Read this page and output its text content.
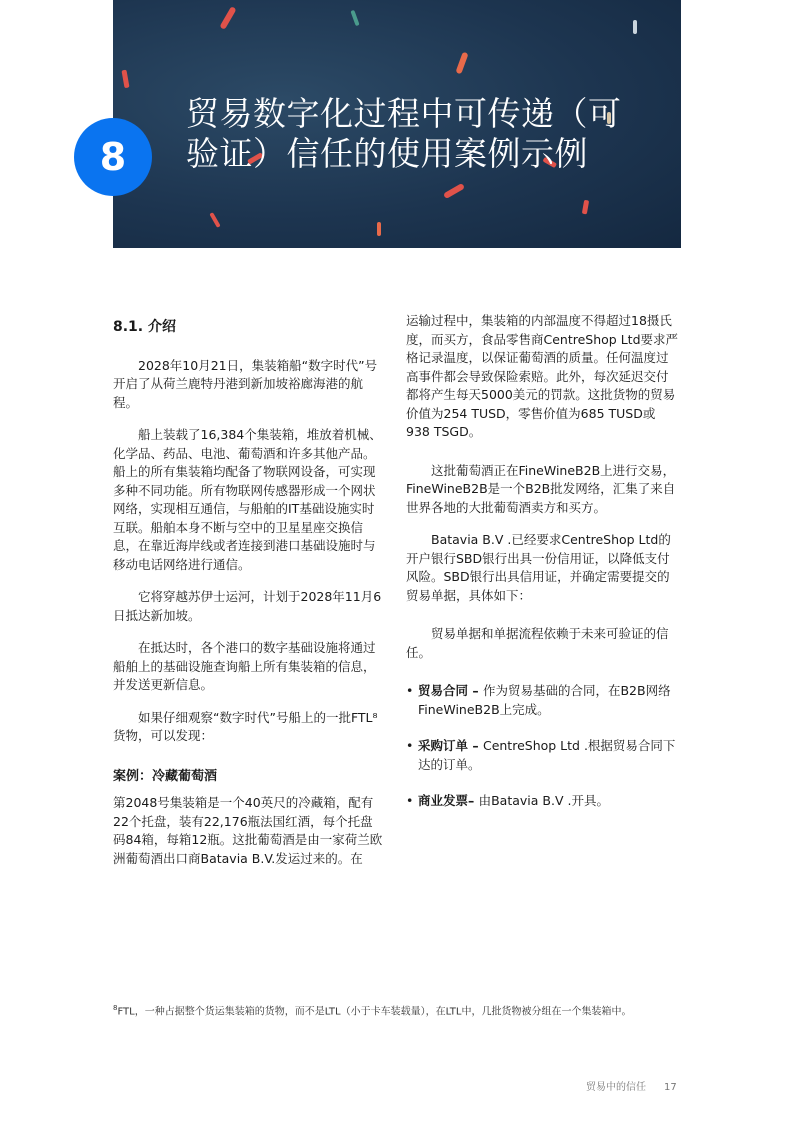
贸易数字化过程中可传递（可验证）信任的使用案例示例
8
8.1. 介绍

2028年10月21日，集装箱船“数字时代”号开启了从荷兰鹿特丹港到新加坡裕廊海港的航程。

船上装载了16,384个集装箱，堆放着机械、化学品、药品、电池、葡萄酒和许多其他产品。船上的所有集装箱均配备了物联网设备，可实现多种不同功能。所有物联网传感器形成一个网状网络，实现相互通信，与船舶的IT基础设施实时互联。船舶本身不断与空中的卫星星座交换信息，在靠近海岸线或者连接到港口基础设施时与移动电话网络进行通信。

它将穿越苏伊士运河，计划于2028年11月6日抵达新加坡。

在抵达时，各个港口的数字基础设施将通过船舶上的基础设施查询船上所有集装箱的信息，并发送更新信息。

如果仔细观察“数字时代”号船上的一批FTL⁸货物，可以发现：

案例：冷藏葡萄酒

第2048号集装箱是一个40英尺的冷藏箱，配有22个托盘，装有22,176瓶法国红酒，每个托盘码84箱，每箱12瓶。这批葡萄酒是由一家荷兰欧洲葡萄酒出口商Batavia B.V.发运过来的。在

运输过程中，集装箱的内部温度不得超过18摄氏度，而买方，食品零售商CentreShop Ltd要求严格记录温度，以保证葡萄酒的质量。任何温度过高事件都会导致保险索赔。此外，每次延迟交付都将产生每天5000美元的罚款。这批货物的贸易价值为254 TUSD，零售价值为685 TUSD或938 TSGD。

这批葡萄酒正在FineWineB2B上进行交易，FineWineB2B是一个B2B批发网络，汇集了来自世界各地的大批葡萄酒卖方和买方。

Batavia B.V .已经要求CentreShop Ltd的开户银行SBD银行出具一份信用证，以降低支付风险。SBD银行出具信用证，并确定需要提交的贸易单据，具体如下：

贸易单据和单据流程依赖于未来可验证的信任。

• 贸易合同 – 作为贸易基础的合同，在B2B网络FineWineB2B上完成。
• 采购订单 – CentreShop Ltd .根据贸易合同下达的订单。
• 商业发票– 由Batavia B.V .开具。
$^8$FTL，一种占据整个货运集装箱的货物，而不是LTL（小于卡车装载量），在LTL中，几批货物被分组在一个集装箱中。
贸易中的信任 17
